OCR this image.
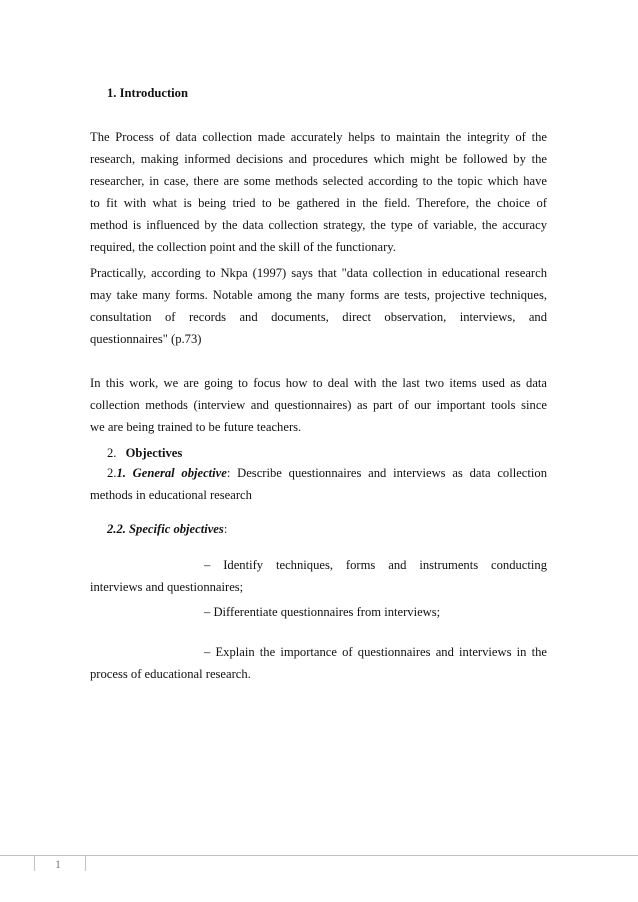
1. Introduction
The Process of data collection made accurately helps to maintain the integrity of the
research, making informed decisions and procedures which might be followed by the
researcher, in case, there are some methods selected according to the topic which have
to fit with what is being tried to be gathered in the field. Therefore, the choice of
method is influenced by the data collection strategy, the type of variable, the accuracy
required, the collection point and the skill of the functionary.
Practically, according to Nkpa (1997) says that "data collection in educational research
may take many forms. Notable among the many forms are tests, projective techniques,
consultation of records and documents, direct observation, interviews, and
questionnaires" (p.73)
In this work, we are going to focus how to deal with the last two items used as data
collection methods (interview and questionnaires) as part of our important tools since
we are being trained to be future teachers.
2. Objectives
2.1. General objective: Describe questionnaires and interviews as data collection
methods in educational research
2.2. Specific objectives:
– Identify techniques, forms and instruments conducting
interviews and questionnaires;
– Differentiate questionnaires from interviews;
– Explain the importance of questionnaires and interviews in the
process of educational research.
1
